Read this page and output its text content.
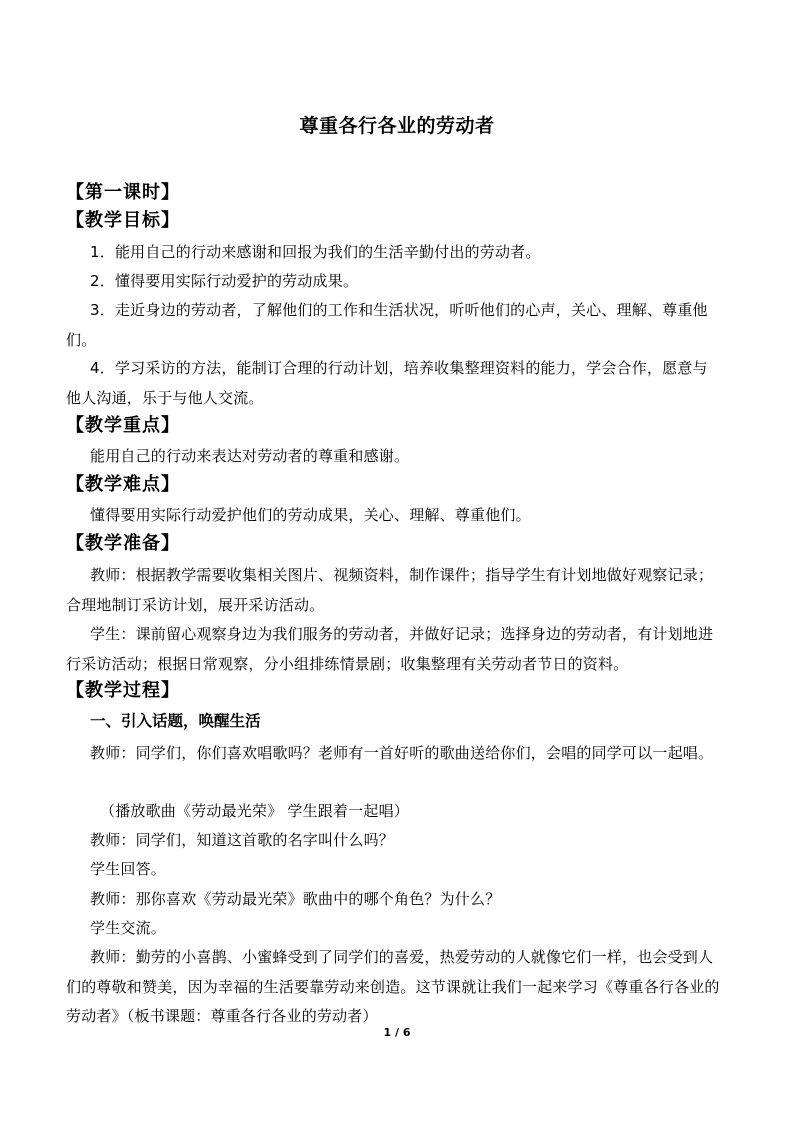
尊重各行各业的劳动者
【第一课时】
【教学目标】
1．能用自己的行动来感谢和回报为我们的生活辛勤付出的劳动者。
2．懂得要用实际行动爱护的劳动成果。
3．走近身边的劳动者，了解他们的工作和生活状况，听听他们的心声，关心、理解、尊重他们。
4．学习采访的方法，能制订合理的行动计划，培养收集整理资料的能力，学会合作，愿意与他人沟通，乐于与他人交流。
【教学重点】
能用自己的行动来表达对劳动者的尊重和感谢。
【教学难点】
懂得要用实际行动爱护他们的劳动成果，关心、理解、尊重他们。
【教学准备】
教师：根据教学需要收集相关图片、视频资料，制作课件；指导学生有计划地做好观察记录；合理地制订采访计划，展开采访活动。
学生：课前留心观察身边为我们服务的劳动者，并做好记录；选择身边的劳动者，有计划地进行采访活动；根据日常观察，分小组排练情景剧；收集整理有关劳动者节日的资料。
【教学过程】
一、引入话题，唤醒生活
教师：同学们，你们喜欢唱歌吗？老师有一首好听的歌曲送给你们，会唱的同学可以一起唱。
（播放歌曲《劳动最光荣》 学生跟着一起唱）
教师：同学们，知道这首歌的名字叫什么吗？
学生回答。
教师：那你喜欢《劳动最光荣》歌曲中的哪个角色？为什么？
学生交流。
教师：勤劳的小喜鹊、小蜜蜂受到了同学们的喜爱，热爱劳动的人就像它们一样，也会受到人们的尊敬和赞美，因为幸福的生活要靠劳动来创造。这节课就让我们一起来学习《尊重各行各业的劳动者》（板书课题：尊重各行各业的劳动者）
1 / 6
